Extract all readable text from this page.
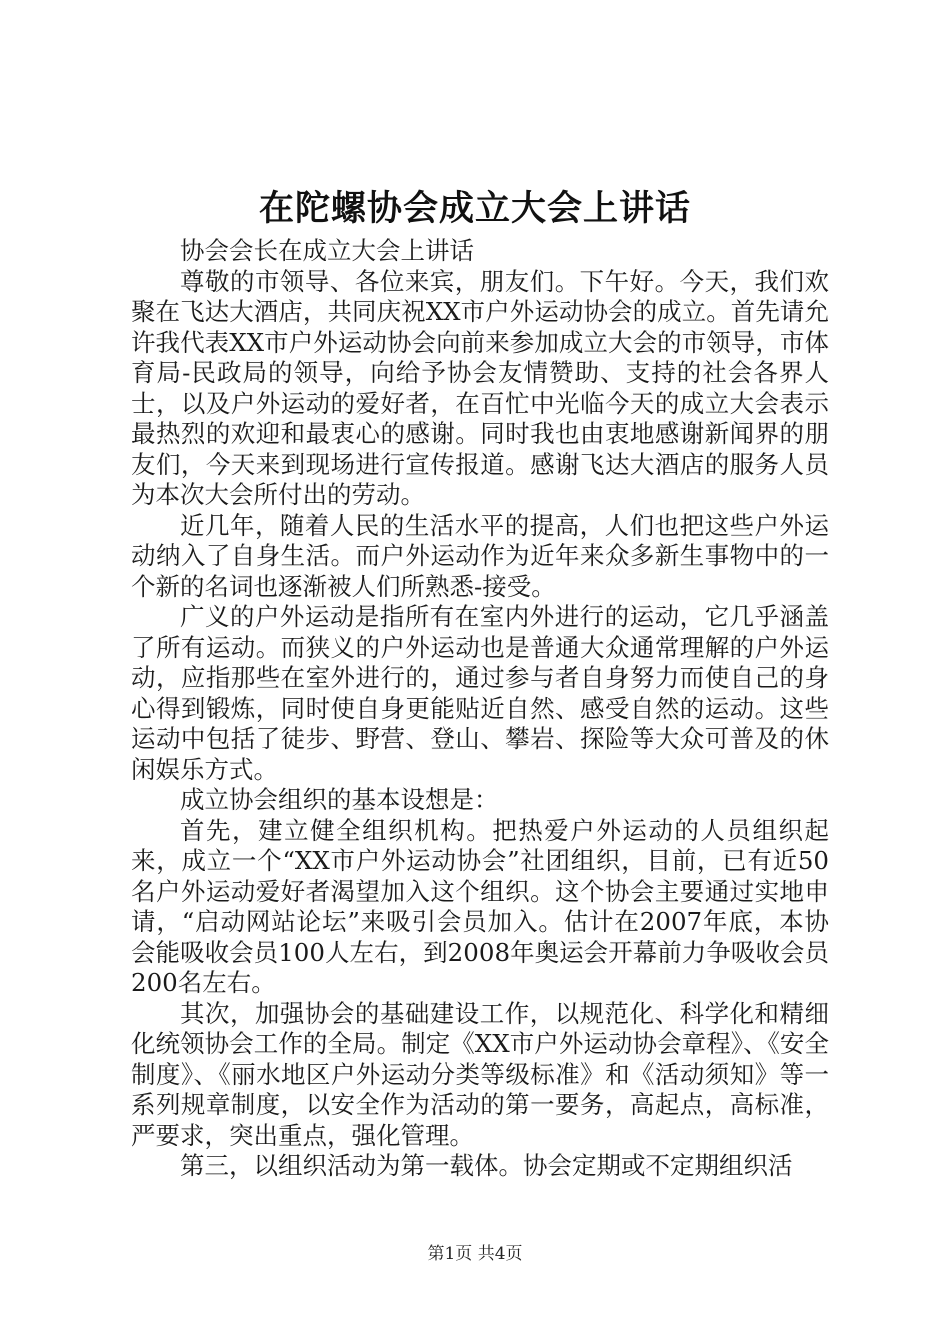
在陀螺协会成立大会上讲话

协会会长在成立大会上讲话

尊敬的市领导、各位来宾，朋友们。下午好。今天，我们欢聚在飞达大酒店，共同庆祝XX市户外运动协会的成立。首先请允许我代表XX市户外运动协会向前来参加成立大会的市领导，市体育局-民政局的领导，向给予协会友情赞助、支持的社会各界人士，以及户外运动的爱好者，在百忙中光临今天的成立大会表示最热烈的欢迎和最衷心的感谢。同时我也由衷地感谢新闻界的朋友们，今天来到现场进行宣传报道。感谢飞达大酒店的服务人员为本次大会所付出的劳动。

近几年，随着人民的生活水平的提高，人们也把这些户外运动纳入了自身生活。而户外运动作为近年来众多新生事物中的一个新的名词也逐渐被人们所熟悉-接受。

广义的户外运动是指所有在室内外进行的运动，它几乎涵盖了所有运动。而狭义的户外运动也是普通大众通常理解的户外运动，应指那些在室外进行的，通过参与者自身努力而使自己的身心得到锻炼，同时使自身更能贴近自然、感受自然的运动。这些运动中包括了徒步、野营、登山、攀岩、探险等大众可普及的休闲娱乐方式。

成立协会组织的基本设想是：

首先，建立健全组织机构。把热爱户外运动的人员组织起来，成立一个“XX市户外运动协会”社团组织，目前，已有近50名户外运动爱好者渴望加入这个组织。这个协会主要通过实地申请，“启动网站论坛”来吸引会员加入。估计在2007年底，本协会能吸收会员100人左右，到2008年奥运会开幕前力争吸收会员200名左右。

其次，加强协会的基础建设工作，以规范化、科学化和精细化统领协会工作的全局。制定《XX市户外运动协会章程》、《安全制度》、《丽水地区户外运动分类等级标准》和《活动须知》等一系列规章制度，以安全作为活动的第一要务，高起点，高标准，严要求，突出重点，强化管理。

第三，以组织活动为第一载体。协会定期或不定期组织活

第1页 共4页
